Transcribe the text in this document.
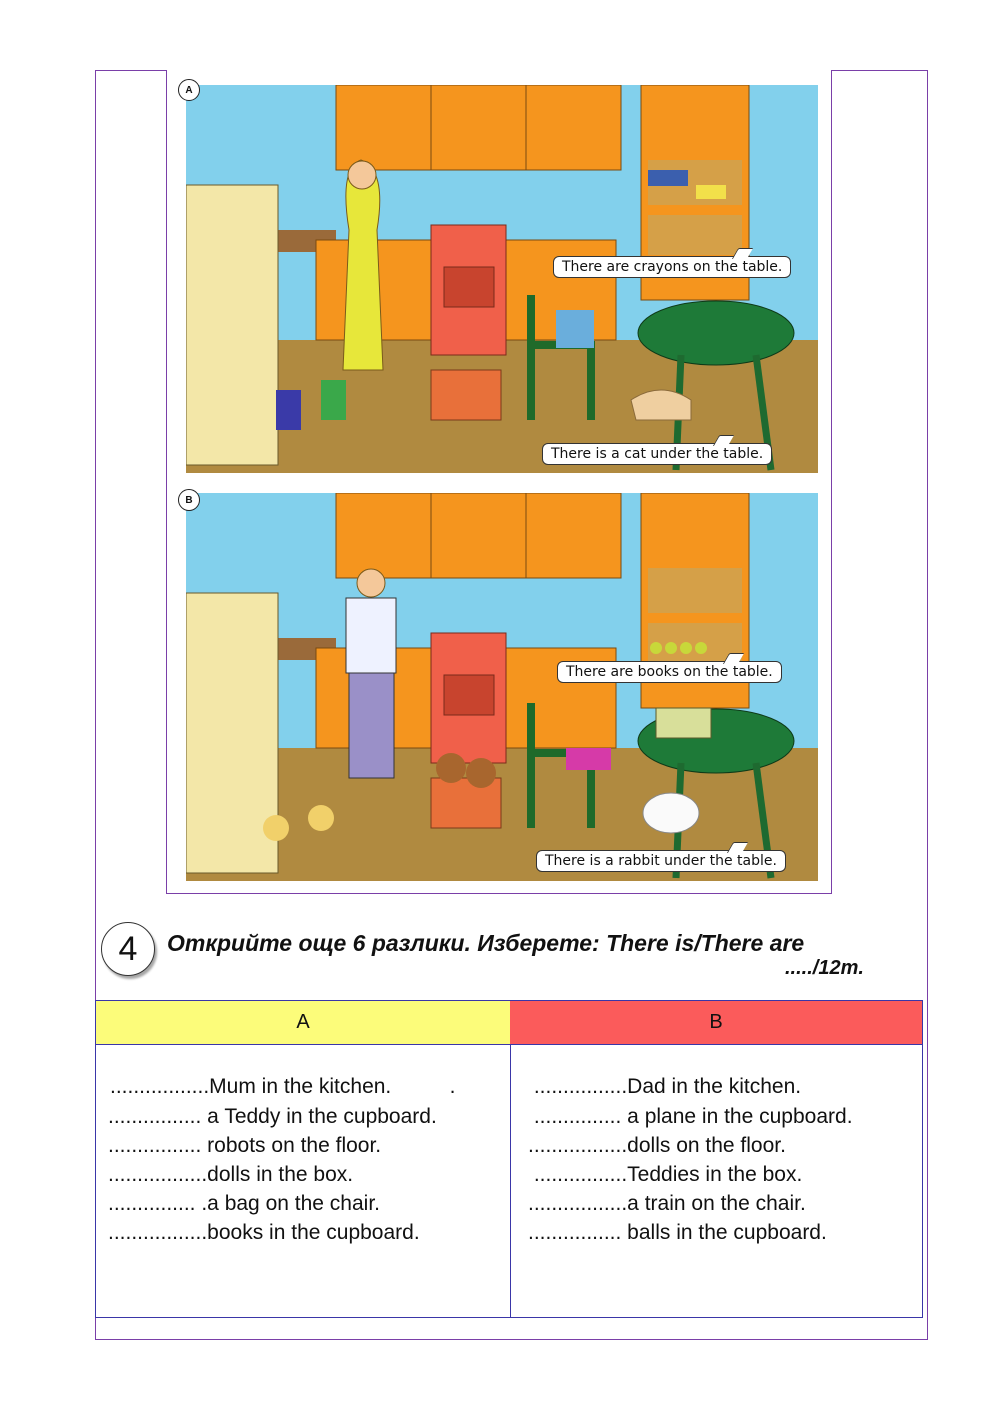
A
There are crayons on the table.
There is a cat under the table.
B
There are books on the table.
There is a rabbit under the table.
4	Открийте още 6 разлики. Изберете: There is/There are
...../12m.
A
.................Mum in the kitchen.          .
................ a Teddy in the cupboard.
................ robots on the floor.
.................dolls in the box.
............... .a bag on the chair.
.................books in the cupboard.
B
................Dad in the kitchen.
............... a plane in the cupboard.
.................dolls on the floor.
................Teddies in the box.
.................a train on the chair.
................ balls in the cupboard.
